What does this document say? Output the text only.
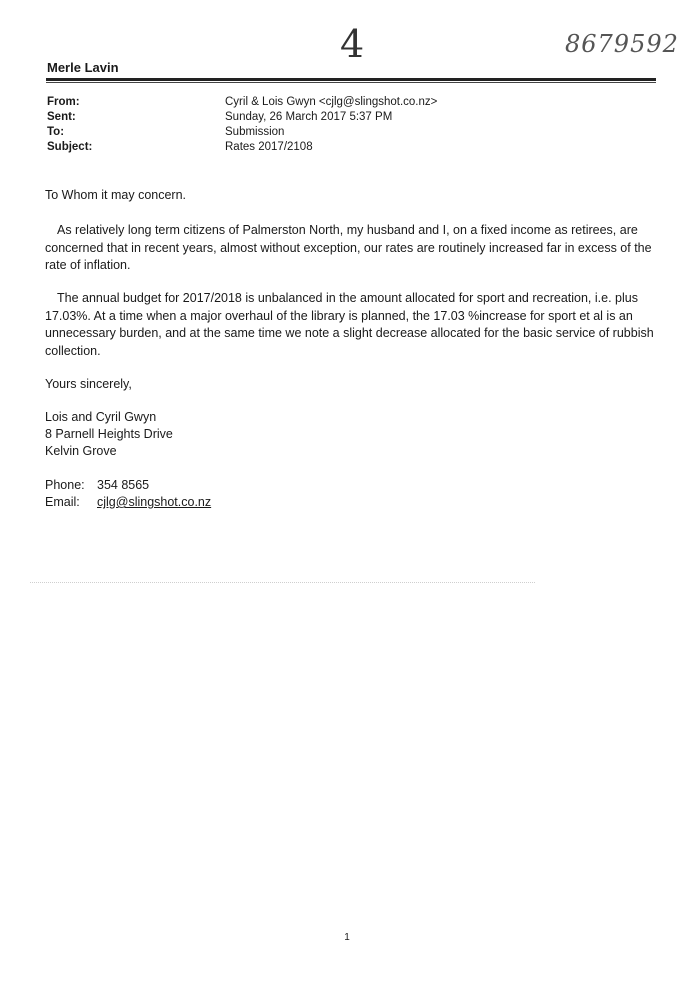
4	8679592
Merle Lavin
From:	Cyril & Lois Gwyn <cjlg@slingshot.co.nz>
Sent:	Sunday, 26 March 2017 5:37 PM
To:	Submission
Subject:	Rates 2017/2108
To Whom it may concern.
As relatively long term citizens of Palmerston North, my husband and I, on a fixed income as retirees, are concerned that in recent years, almost without exception, our rates are routinely increased far in excess of the rate of inflation.
The annual budget for 2017/2018 is unbalanced in the amount allocated for sport and recreation, i.e. plus 17.03%. At a time when a major overhaul of the library is planned, the 17.03 %increase for sport et al is an unnecessary burden, and at the same time we note a slight decrease allocated for the basic service of rubbish collection.
Yours sincerely,
Lois and Cyril Gwyn
8 Parnell Heights Drive
Kelvin Grove
Phone: 354 8565
Email: cjlg@slingshot.co.nz
1
